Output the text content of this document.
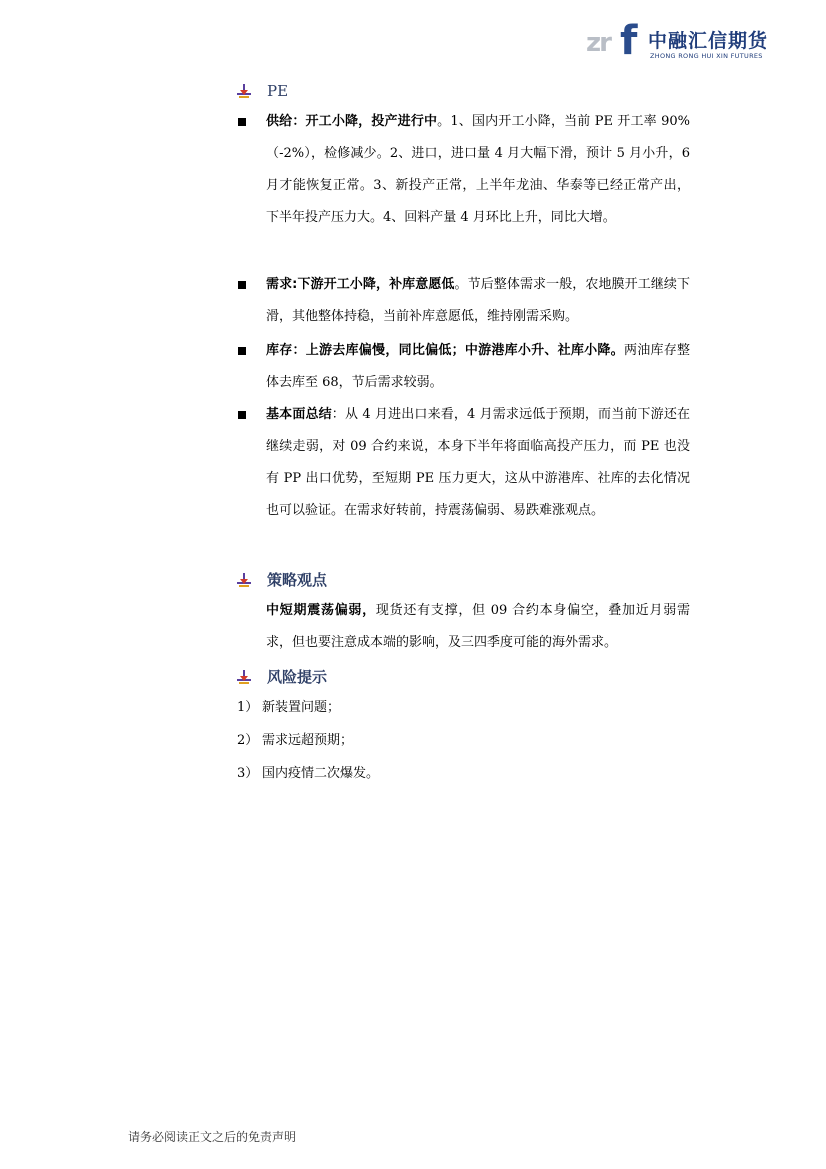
zr f 中融汇信期货
ZHONG RONG HUI XIN FUTURES
PE
供给：开工小降，投产进行中。1、国内开工小降，当前 PE 开工率 90%（-2%），检修减少。2、进口，进口量 4 月大幅下滑，预计 5 月小升，6 月才能恢复正常。3、新投产正常，上半年龙油、华泰等已经正常产出，下半年投产压力大。4、回料产量 4 月环比上升，同比大增。
需求:下游开工小降，补库意愿低。节后整体需求一般，农地膜开工继续下滑，其他整体持稳，当前补库意愿低，维持刚需采购。
库存：上游去库偏慢，同比偏低；中游港库小升、社库小降。两油库存整体去库至 68，节后需求较弱。
基本面总结：从 4 月进出口来看，4 月需求远低于预期，而当前下游还在继续走弱，对 09 合约来说，本身下半年将面临高投产压力，而 PE 也没有 PP 出口优势，至短期 PE 压力更大，这从中游港库、社库的去化情况也可以验证。在需求好转前，持震荡偏弱、易跌难涨观点。
策略观点
中短期震荡偏弱，现货还有支撑，但 09 合约本身偏空，叠加近月弱需求，但也要注意成本端的影响，及三四季度可能的海外需求。
风险提示
1） 新装置问题；
2） 需求远超预期；
3） 国内疫情二次爆发。
请务必阅读正文之后的免责声明
